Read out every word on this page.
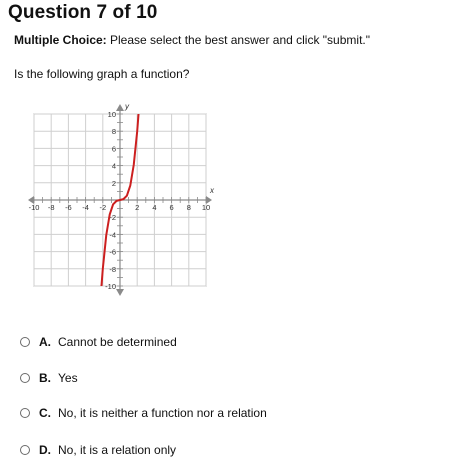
Question 7 of 10
Multiple Choice: Please select the best answer and click "submit."
Is the following graph a function?
x
y
-10 -8 -6 -4 -2	2 4 6 8 10
10
8
6
4
2
-2
-4
-6
-8
-10
A. Cannot be determined
B. Yes
C. No, it is neither a function nor a relation
D. No, it is a relation only
